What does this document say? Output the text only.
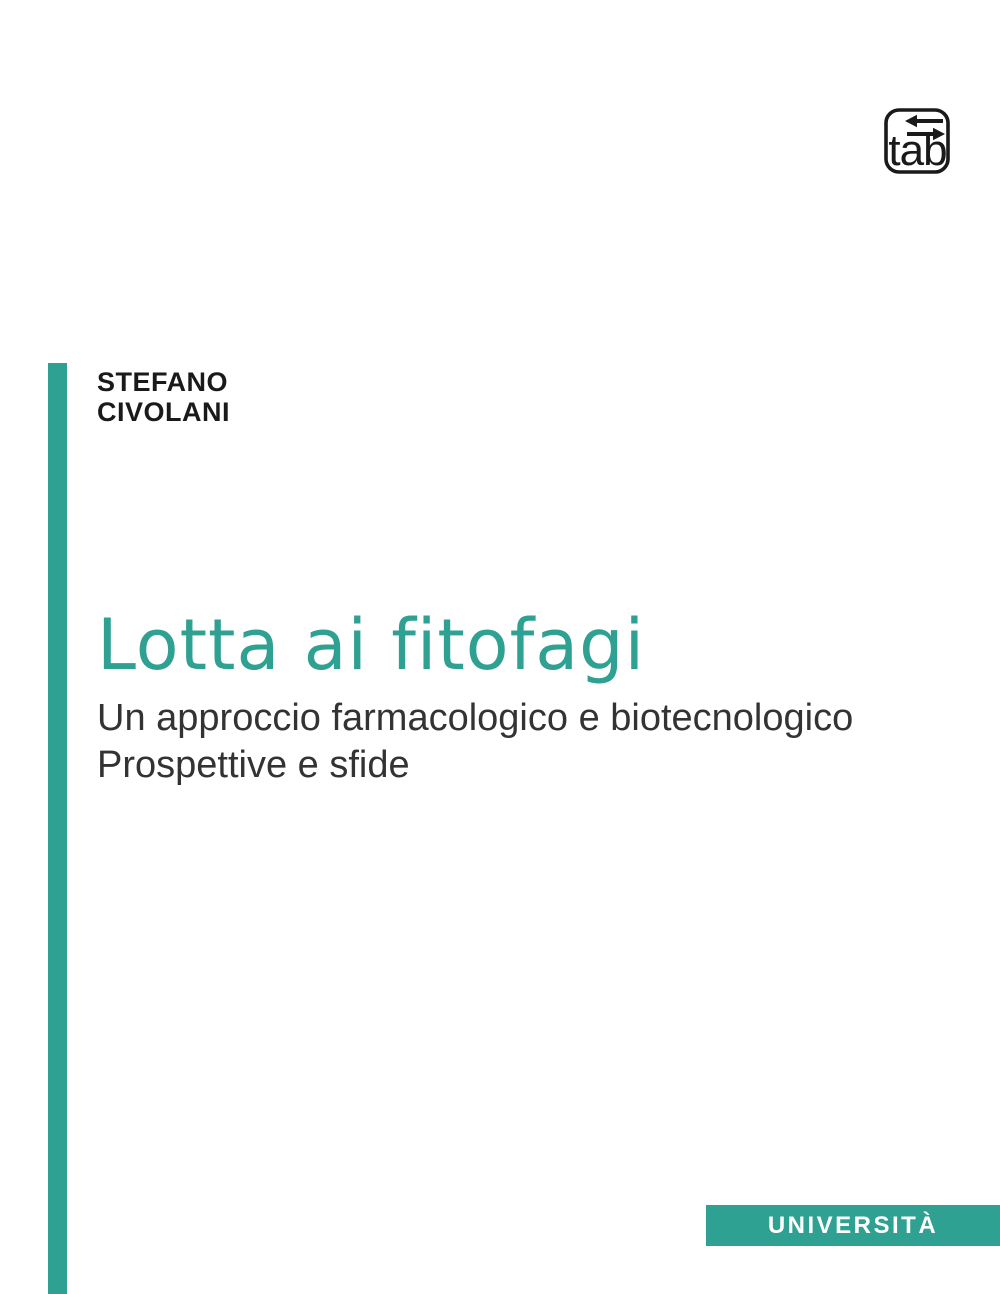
tab
STEFANO
CIVOLANI
Lotta ai fitofagi
Un approccio farmacologico e biotecnologico
Prospettive e sfide
UNIVERSITÀ
